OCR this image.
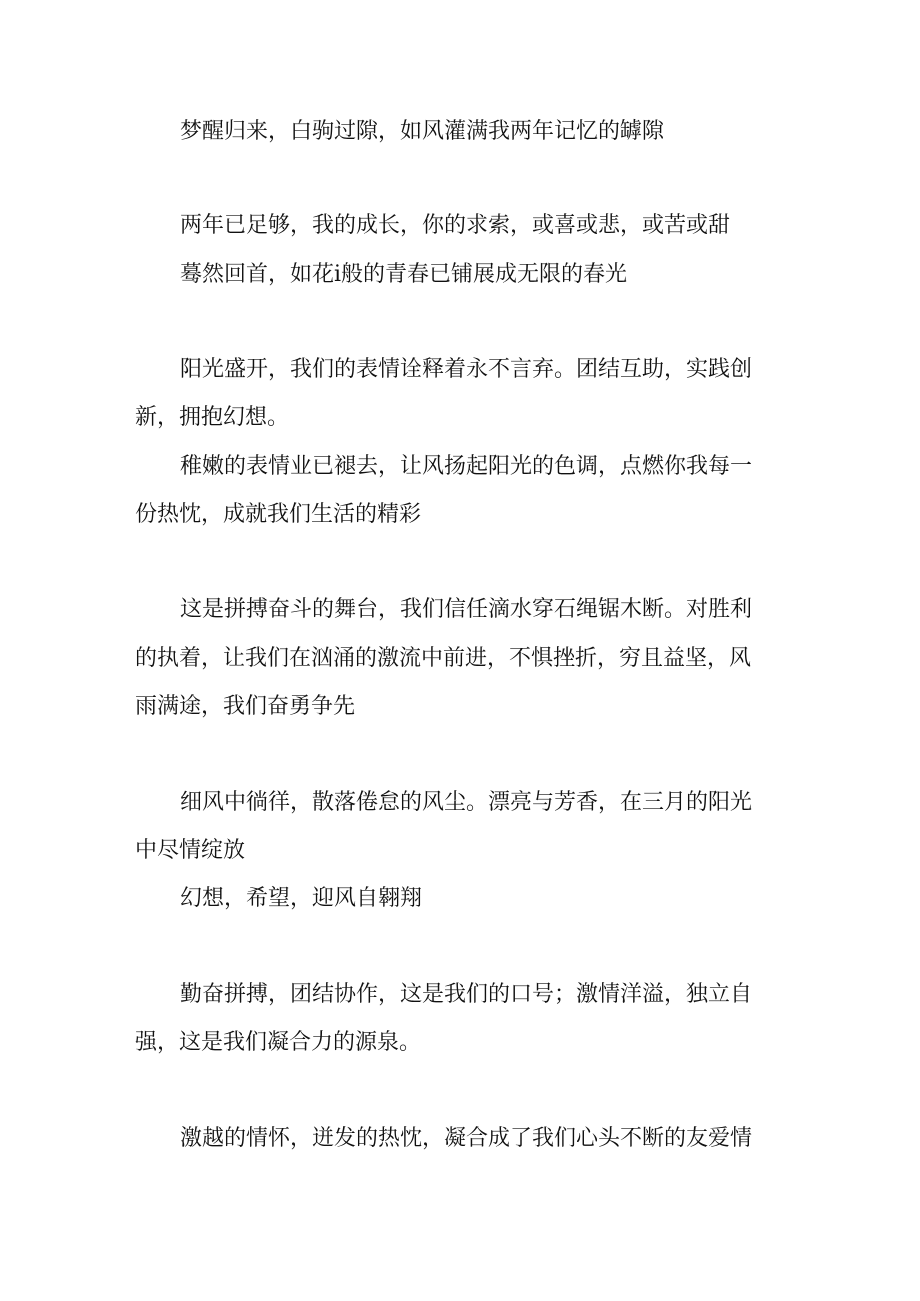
梦醒归来，白驹过隙，如风灌满我两年记忆的罅隙

两年已足够，我的成长，你的求索，或喜或悲，或苦或甜

蓦然回首，如花i般的青春已铺展成无限的春光

阳光盛开，我们的表情诠释着永不言弃。团结互助，实践创

新，拥抱幻想。

稚嫩的表情业已褪去，让风扬起阳光的色调，点燃你我每一

份热忱，成就我们生活的精彩

这是拼搏奋斗的舞台，我们信任滴水穿石绳锯木断。对胜利

的执着，让我们在汹涌的激流中前进，不惧挫折，穷且益坚，风

雨满途，我们奋勇争先

细风中徜徉，散落倦怠的风尘。漂亮与芳香，在三月的阳光

中尽情绽放

幻想，希望，迎风自翱翔

勤奋拼搏，团结协作，这是我们的口号；激情洋溢，独立自

强，这是我们凝合力的源泉。

激越的情怀，迸发的热忱，凝合成了我们心头不断的友爱情
